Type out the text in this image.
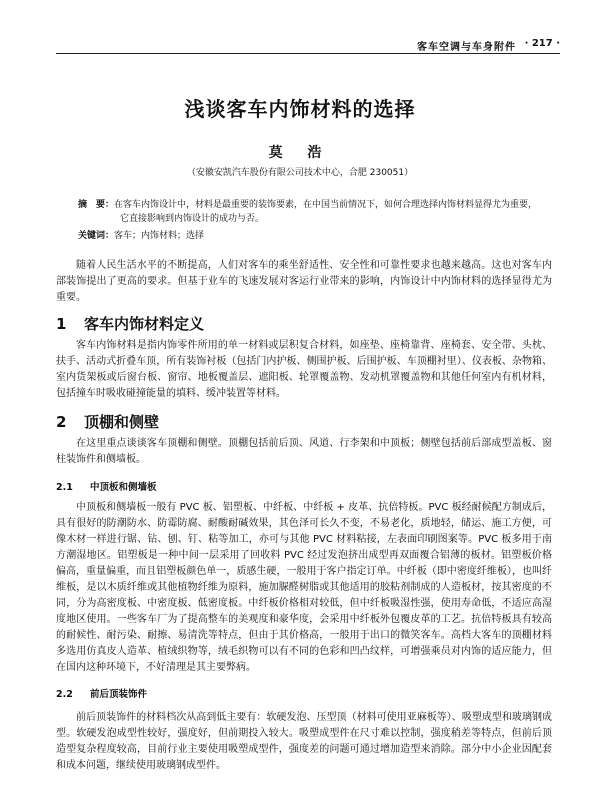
客车空调与车身附件 · 217 ·
浅谈客车内饰材料的选择
莫 浩
（安徽安凯汽车股份有限公司技术中心，合肥 230051）
摘　要：在客车内饰设计中，材料是最重要的装饰要素，在中国当前情况下，如何合理选择内饰材料显得尤为重要，
它直接影响到内饰设计的成功与否。
关键词：客车；内饰材料；选择
随着人民生活水平的不断提高，人们对客车的乘坐舒适性、安全性和可靠性要求也越来越高。这也对客车内部装饰提出了更高的要求。但基于业车的飞速发展对客运行业带来的影响，内饰设计中内饰材料的选择显得尤为重要。
1 客车内饰材料定义
客车内饰材料是指内饰零件所用的单一材料或层积复合材料，如座垫、座椅靠背、座椅套、安全带、头枕、扶手、活动式折叠车顶，所有装饰衬板（包括门内护板、侧围护板、后围护板、车顶棚衬里）、仪表板、杂物箱、室内货架板或后窗台板、窗帘、地板覆盖层、遮阳板、轮罩覆盖物、发动机罩覆盖物和其他任何室内有机材料，包括撞车时吸收碰撞能量的填料、缓冲装置等材料。
2 顶棚和侧壁
在这里重点谈谈客车顶棚和侧壁。顶棚包括前后顶、风道、行李架和中顶板；侧壁包括前后部成型盖板、窗柱装饰件和侧墙板。
2.1 中顶板和侧墙板
中顶板和侧墙板一般有 PVC 板、铝塑板、中纤板、中纤板 + 皮革、抗倍特板。PVC 板经耐候配方制成后，具有很好的防潮防水、防霉防腐、耐酸耐碱效果，其色泽可长久不变，不易老化，质地轻，储运、施工方便，可像木材一样进行锯、钻、刨、钉、粘等加工，亦可与其他 PVC 材料粘接，左表面印刷图案等。PVC 板多用于南方潮湿地区。铝塑板是一种中间一层采用了回收料 PVC 经过发泡挤出成型再双面覆合铝薄的板材。铝塑板价格偏高，重量偏重，而且铝塑板颜色单一，质感生硬，一般用于客户指定订单。中纤板（即中密度纤维板），也叫纤维板，是以木质纤维或其他植物纤维为原料，施加脲醛树脂或其他适用的胶粘剂制成的人造板材，按其密度的不同，分为高密度板、中密度板、低密度板。中纤板价格相对较低，但中纤板吸湿性强，使用寿命低，不适应高湿度地区使用。一些客车厂为了提高整车的美观度和豪华度，会采用中纤板外包覆皮革的工艺。抗倍特板具有较高的耐候性、耐污染、耐擦、易清洗等特点，但由于其价格高，一般用于出口的微笑客车。高档大客车的顶棚材料多选用仿真皮人造革、植绒织物等，绒毛织物可以有不同的色彩和凹凸纹样，可增强乘员对内饰的适应能力，但在国内这种环境下，不好清理是其主要弊病。
2.2 前后顶装饰件
前后顶装饰件的材料档次从高到低主要有：软硬发泡、压型顶（材料可使用亚麻板等）、吸塑成型和玻璃钢成型。软硬发泡成型性较好，强度好，但前期投入较大。吸塑成型件在尺寸难以控制，强度稍差等特点，但前后顶造型复杂程度较高，目前行业主要使用吸塑成型件，强度差的问题可通过增加造型来消除。部分中小企业因配套和成本问题，继续使用玻璃钢成型件。
